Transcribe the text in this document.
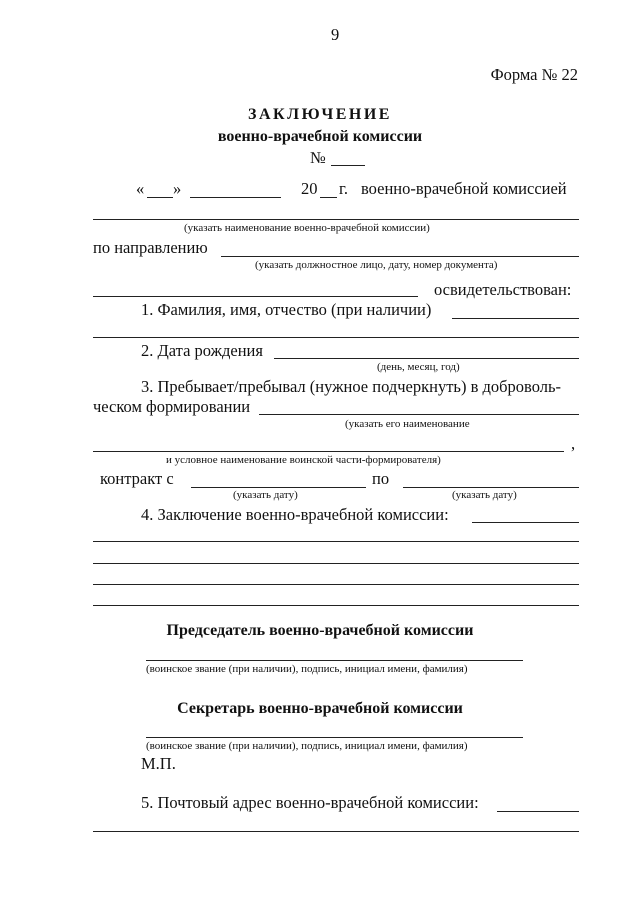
9
Форма № 22
ЗАКЛЮЧЕНИЕ
военно-врачебной комиссии
№
« »	20 г. военно-врачебной комиссией
(указать наименование военно-врачебной комиссии)
по направлению
(указать должностное лицо, дату, номер документа)
освидетельствован:
1. Фамилия, имя, отчество (при наличии)
2. Дата рождения
(день, месяц, год)
3. Пребывает/пребывал (нужное подчеркнуть) в доброволь-
ческом формировании
(указать его наименование
,
и условное наименование воинской части-формирователя)
контракт с	по
(указать дату)	(указать дату)
4. Заключение военно-врачебной комиссии:
Председатель военно-врачебной комиссии
(воинское звание (при наличии), подпись, инициал имени, фамилия)
Секретарь военно-врачебной комиссии
(воинское звание (при наличии), подпись, инициал имени, фамилия)
М.П.
5. Почтовый адрес военно-врачебной комиссии:
